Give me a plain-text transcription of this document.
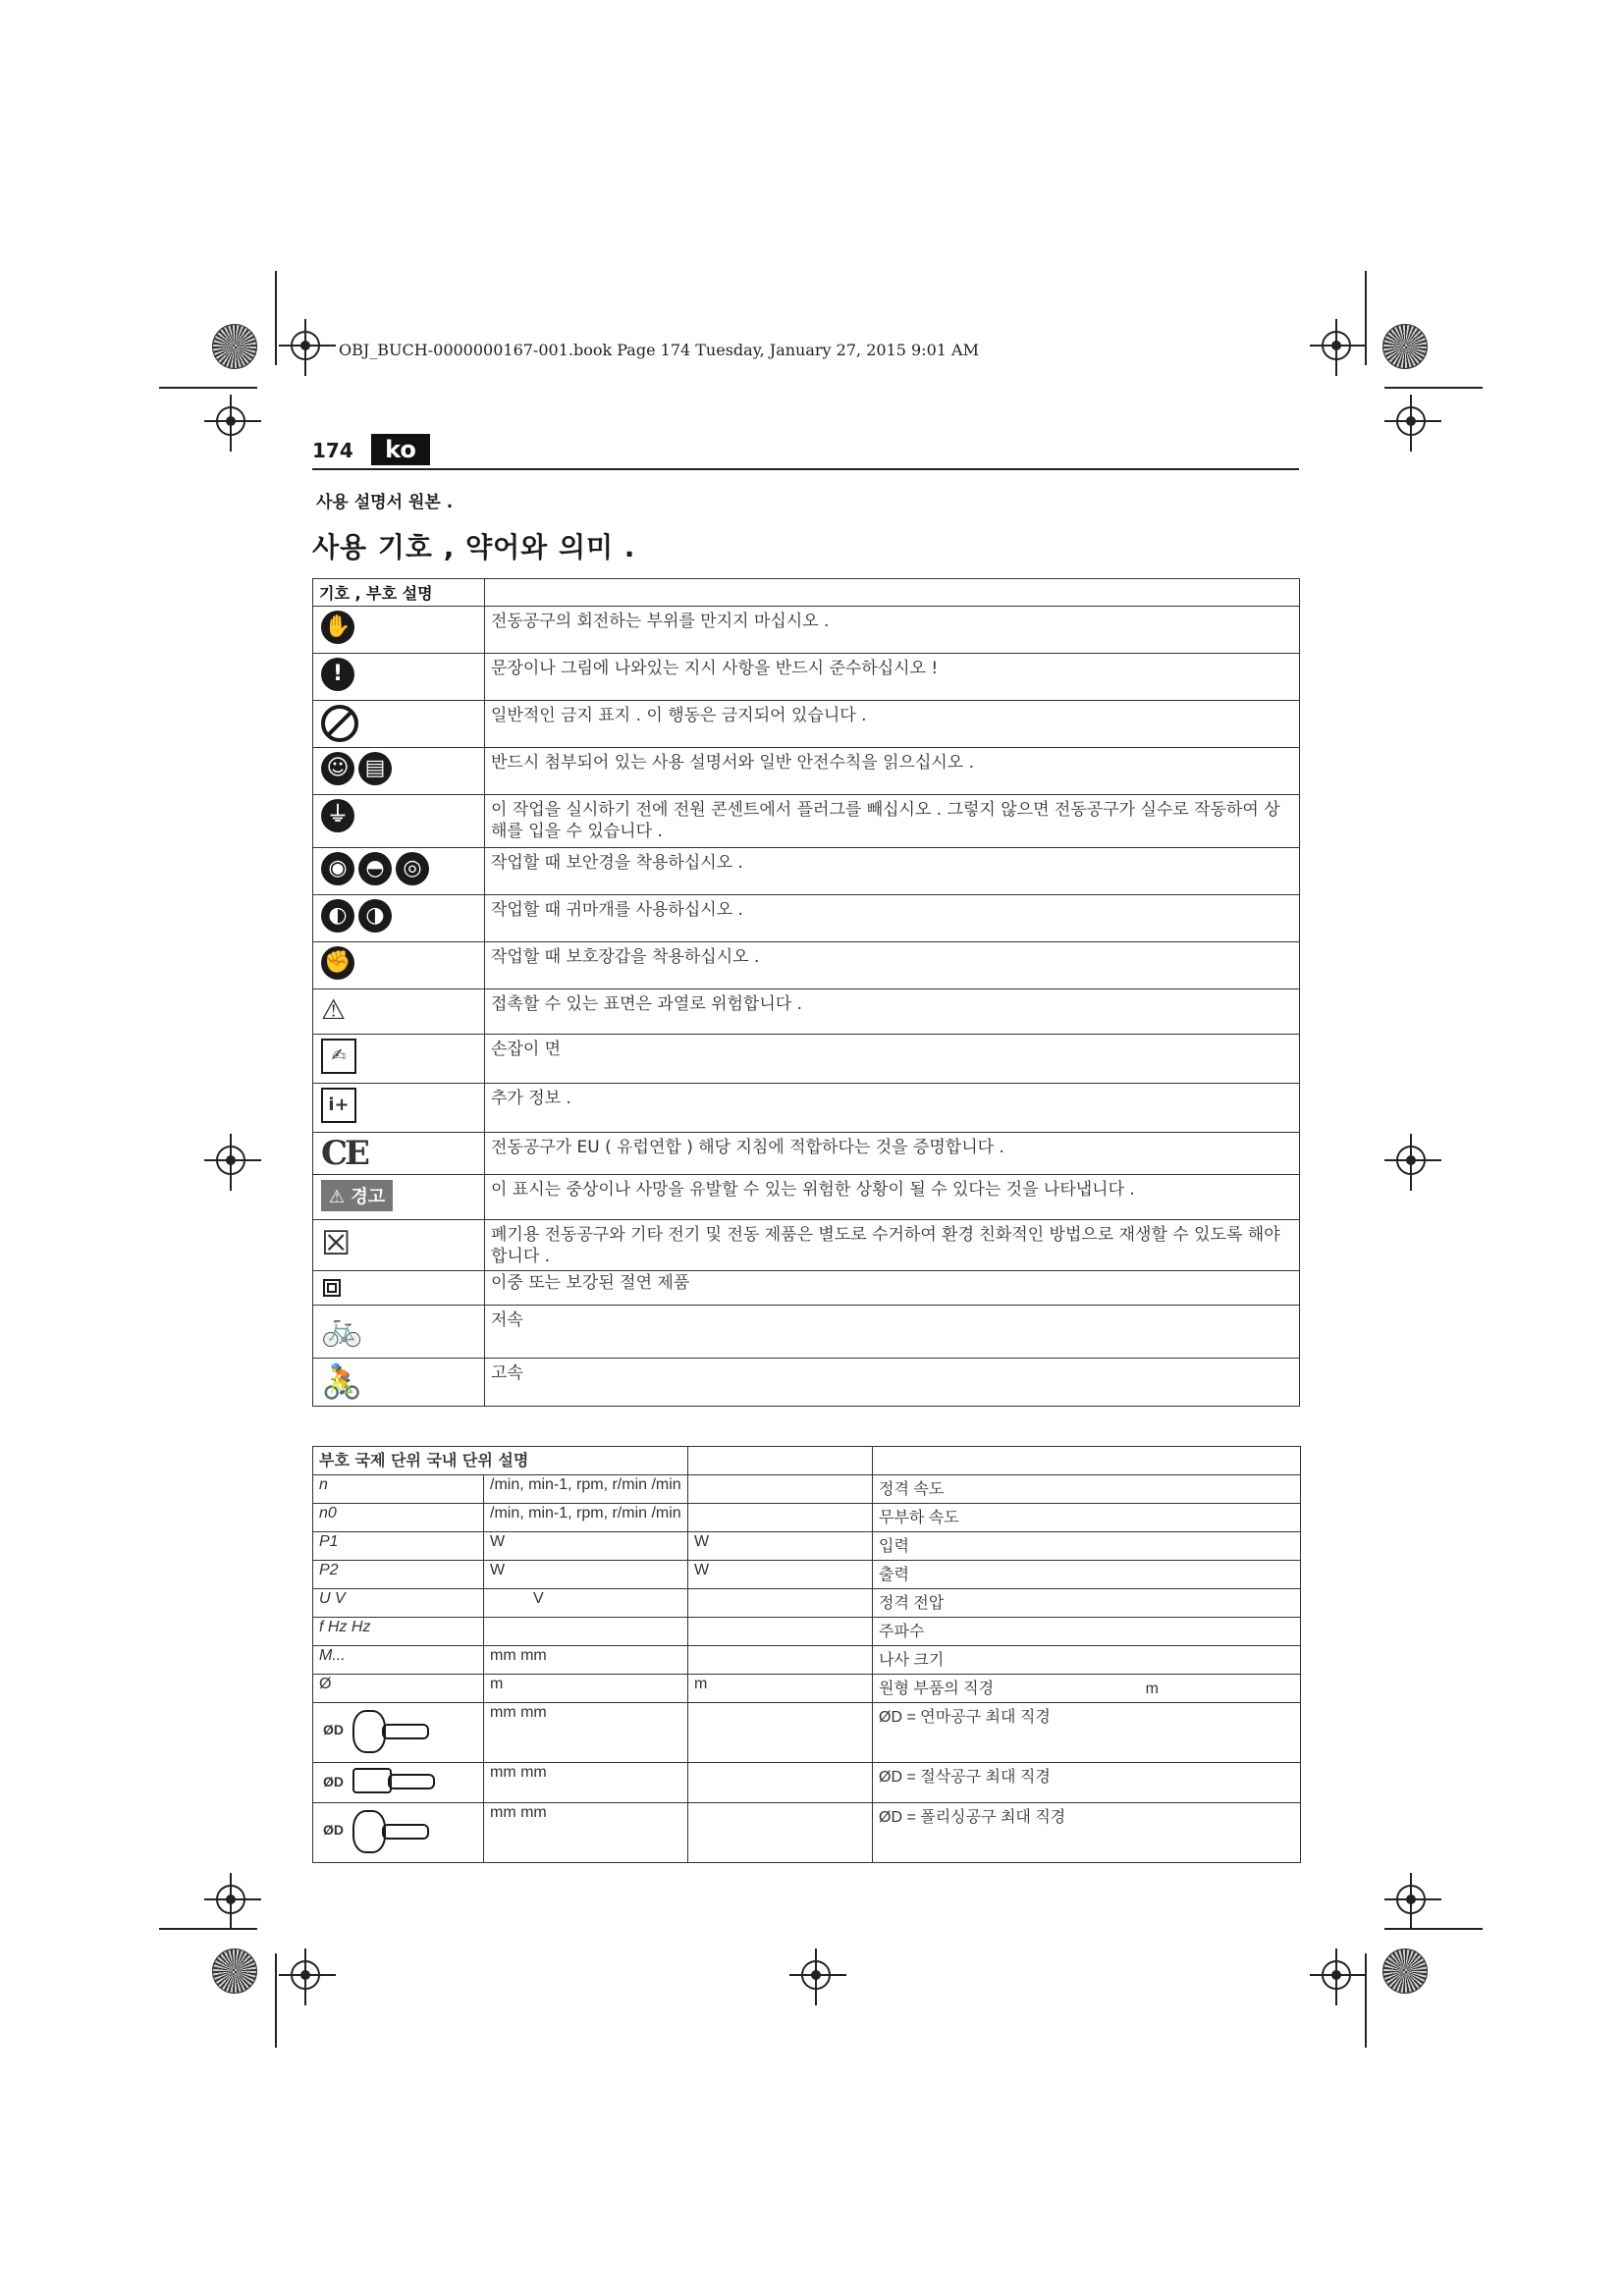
OBJ_BUCH-0000000167-001.book Page 174 Tuesday, January 27, 2015 9:01 AM
174	ko
사용 설명서 원본 .
사용 기호 , 약어와 의미 .
기호 , 부호 설명	
✋	전동공구의 회전하는 부위를 만지지 마십시오 .
!	문장이나 그림에 나와있는 지시 사항을 반드시 준수하십시오 !
	일반적인 금지 표지 . 이 행동은 금지되어 있습니다 .
☺ ▤	반드시 첨부되어 있는 사용 설명서와 일반 안전수칙을 읽으십시오 .
⏚	이 작업을 실시하기 전에 전원 콘센트에서 플러그를 빼십시오 . 그렇지 않으면 전동공구가 실수로 작동하여 상해를 입을 수 있습니다 .
◉ ◓ ◎	작업할 때 보안경을 착용하십시오 .
◐ ◑	작업할 때 귀마개를 사용하십시오 .
✊	작업할 때 보호장갑을 착용하십시오 .
⚠	접촉할 수 있는 표면은 과열로 위험합니다 .
✍	손잡이 면
i+	추가 정보 .
CE	전동공구가 EU ( 유럽연합 ) 해당 지침에 적합하다는 것을 증명합니다 .
⚠ 경고	이 표시는 중상이나 사망을 유발할 수 있는 위험한 상황이 될 수 있다는 것을 나타냅니다 .
☒	폐기용 전동공구와 기타 전기 및 전동 제품은 별도로 수거하여 환경 친화적인 방법으로 재생할 수 있도록 해야 합니다 .
	이중 또는 보강된 절연 제품
🚲	저속
🚴	고속
부호 국제 단위 국내 단위 설명			
n	/min, min-1, rpm, r/min /min		정격 속도
n0	/min, min-1, rpm, r/min /min		무부하 속도
P1	W	W	입력
P2	W	W	출력
U V	V		정격 전압
f Hz Hz			주파수
M...	mm mm		나사 크기
Ø	m	m	원형 부품의 직경 m

ØD	mm mm		ØD = 연마공구 최대 직경

ØD	mm mm		ØD = 절삭공구 최대 직경

ØD	mm mm		ØD = 폴리싱공구 최대 직경
